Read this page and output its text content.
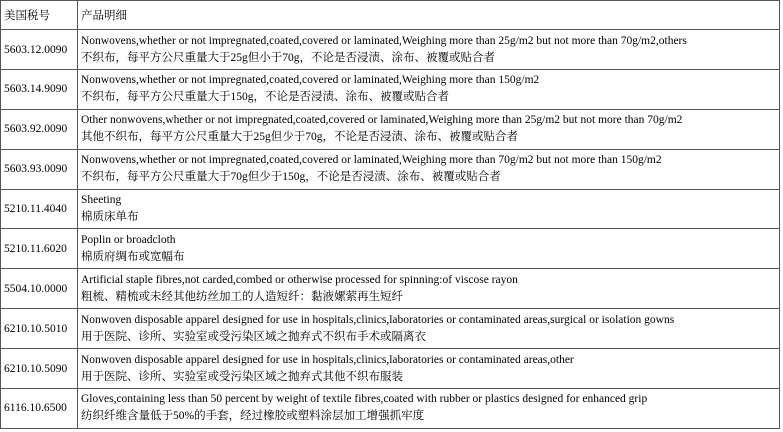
美国税号	产品明细
5603.12.0090	Nonwovens,whether or not impregnated,coated,covered or laminated,Weighing more than 25g/m2 but not more than 70g/m2,others
不织布，每平方公尺重量大于25g但小于70g，不论是否浸渍、涂布、被覆或贴合者

5603.14.9090	Nonwovens,whether or not impregnated,coated,covered or laminated,Weighing more than 150g/m2
不织布，每平方公尺重量大于150g，不论是否浸渍、涂布、被覆或贴合者

5603.92.0090	Other nonwovens,whether or not impregnated,coated,covered or laminated,Weighing more than 25g/m2 but not more than 70g/m2
其他不织布，每平方公尺重量大于25g但少于70g，不论是否浸渍、涂布、被覆或贴合者

5603.93.0090	Nonwovens,whether or not impregnated,coated,covered or laminated,Weighing more than 70g/m2 but not more than 150g/m2
不织布，每平方公尺重量大于70g但少于150g，不论是否浸渍、涂布、被覆或贴合者

5210.11.4040	Sheeting
棉质床单布

5210.11.6020	Poplin or broadcloth
棉质府绸布或宽幅布

5504.10.0000	Artificial staple fibres,not carded,combed or otherwise processed for spinning:of viscose rayon
粗梳、精梳或未经其他纺丝加工的人造短纤：黏液嫘萦再生短纤

6210.10.5010	Nonwoven disposable apparel designed for use in hospitals,clinics,laboratories or contaminated areas,surgical or isolation gowns
用于医院、诊所、实验室或受污染区域之抛弃式不织布手术或隔离衣

6210.10.5090	Nonwoven disposable apparel designed for use in hospitals,clinics,laboratories or contaminated areas,other
用于医院、诊所、实验室或受污染区域之抛弃式其他不织布服装

6116.10.6500	Gloves,containing less than 50 percent by weight of textile fibres,coated with rubber or plastics designed for enhanced grip
纺织纤维含量低于50%的手套，经过橡胶或塑料涂层加工增强抓牢度
